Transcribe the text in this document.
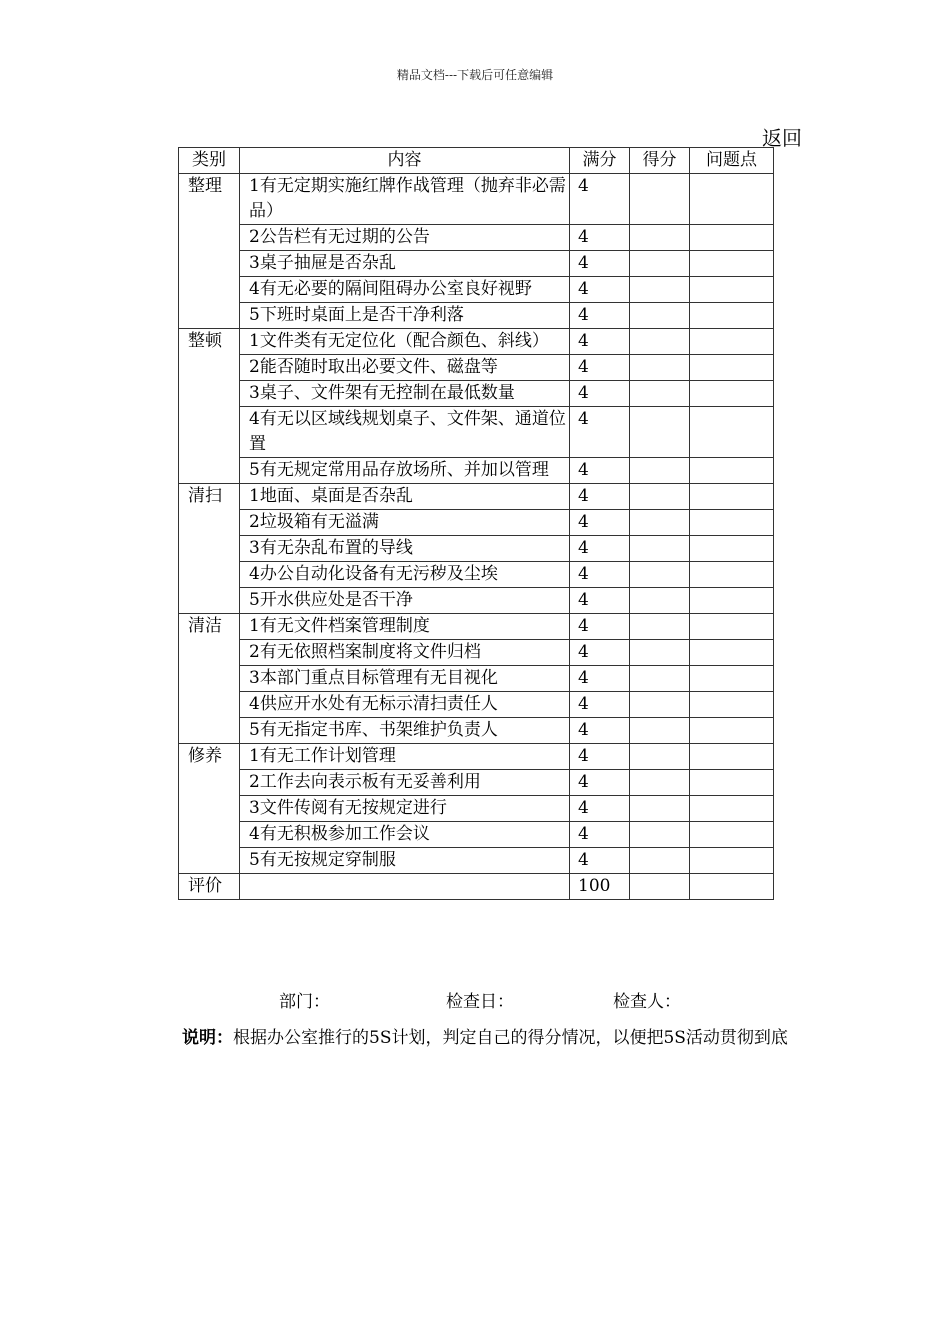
精品文档---下载后可任意编辑
返回
类别	内容	满分	得分	问题点
整理	1有无定期实施红牌作战管理（抛弃非必需品）	4		
	2公告栏有无过期的公告	4		
	3桌子抽屉是否杂乱	4		
	4有无必要的隔间阻碍办公室良好视野	4		
	5下班时桌面上是否干净利落	4		
整顿	1文件类有无定位化（配合颜色、斜线）	4		
	2能否随时取出必要文件、磁盘等	4		
	3桌子、文件架有无控制在最低数量	4		
	4有无以区域线规划桌子、文件架、通道位置	4		
	5有无规定常用品存放场所、并加以管理	4		
清扫	1地面、桌面是否杂乱	4		
	2垃圾箱有无溢满	4		
	3有无杂乱布置的导线	4		
	4办公自动化设备有无污秽及尘埃	4		
	5开水供应处是否干净	4		
清洁	1有无文件档案管理制度	4		
	2有无依照档案制度将文件归档	4		
	3本部门重点目标管理有无目视化	4		
	4供应开水处有无标示清扫责任人	4		
	5有无指定书库、书架维护负责人	4		
修养	1有无工作计划管理	4		
	2工作去向表示板有无妥善利用	4		
	3文件传阅有无按规定进行	4		
	4有无积极参加工作会议	4		
	5有无按规定穿制服	4		
评价		100		
部门：	检查日：	检查人：
说明：根据办公室推行的5S计划，判定自己的得分情况，以便把5S活动贯彻到底
